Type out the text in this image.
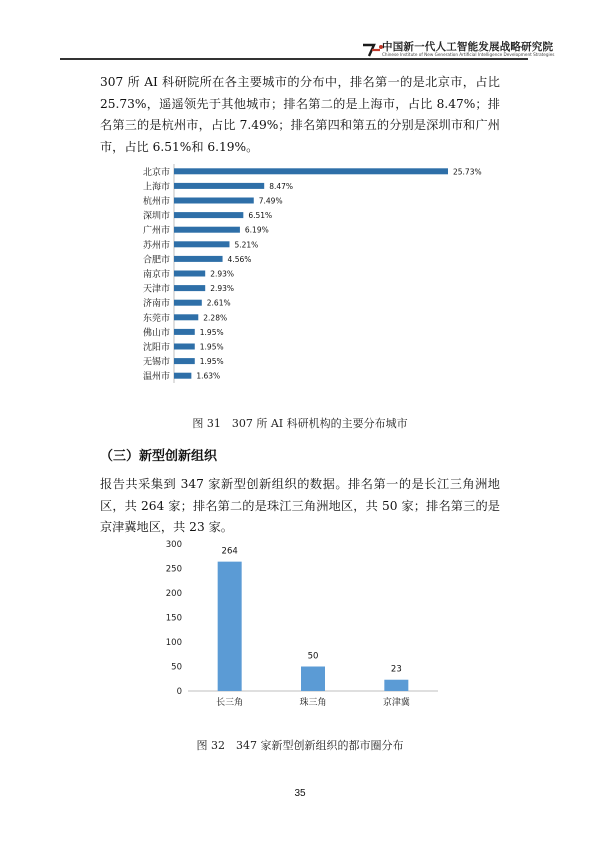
中国新一代人工智能发展战略研究院
Chinese Institute of New Generation Artificial Intelligence Development Strategies
307 所 AI 科研院所在各主要城市的分布中，排名第一的是北京市，占比 25.73%，遥遥领先于其他城市；排名第二的是上海市，占比 8.47%；排名第三的是杭州市，占比 7.49%；排名第四和第五的分别是深圳市和广州市，占比 6.51%和 6.19%。
北京市	25.73%
上海市	8.47%
杭州市	7.49%
深圳市	6.51%
广州市	6.19%
苏州市	5.21%
合肥市	4.56%
南京市	2.93%
天津市	2.93%
济南市	2.61%
东莞市	2.28%
佛山市	1.95%
沈阳市	1.95%
无锡市	1.95%
温州市	1.63%
图 31　307 所 AI 科研机构的主要分布城市
（三）新型创新组织
报告共采集到 347 家新型创新组织的数据。排名第一的是长江三角洲地区，共 264 家；排名第二的是珠江三角洲地区，共 50 家；排名第三的是京津冀地区，共 23 家。
0
50
100
150
200
250
300
264
长三角
50
珠三角
23
京津冀
图 32　347 家新型创新组织的都市圈分布
35
